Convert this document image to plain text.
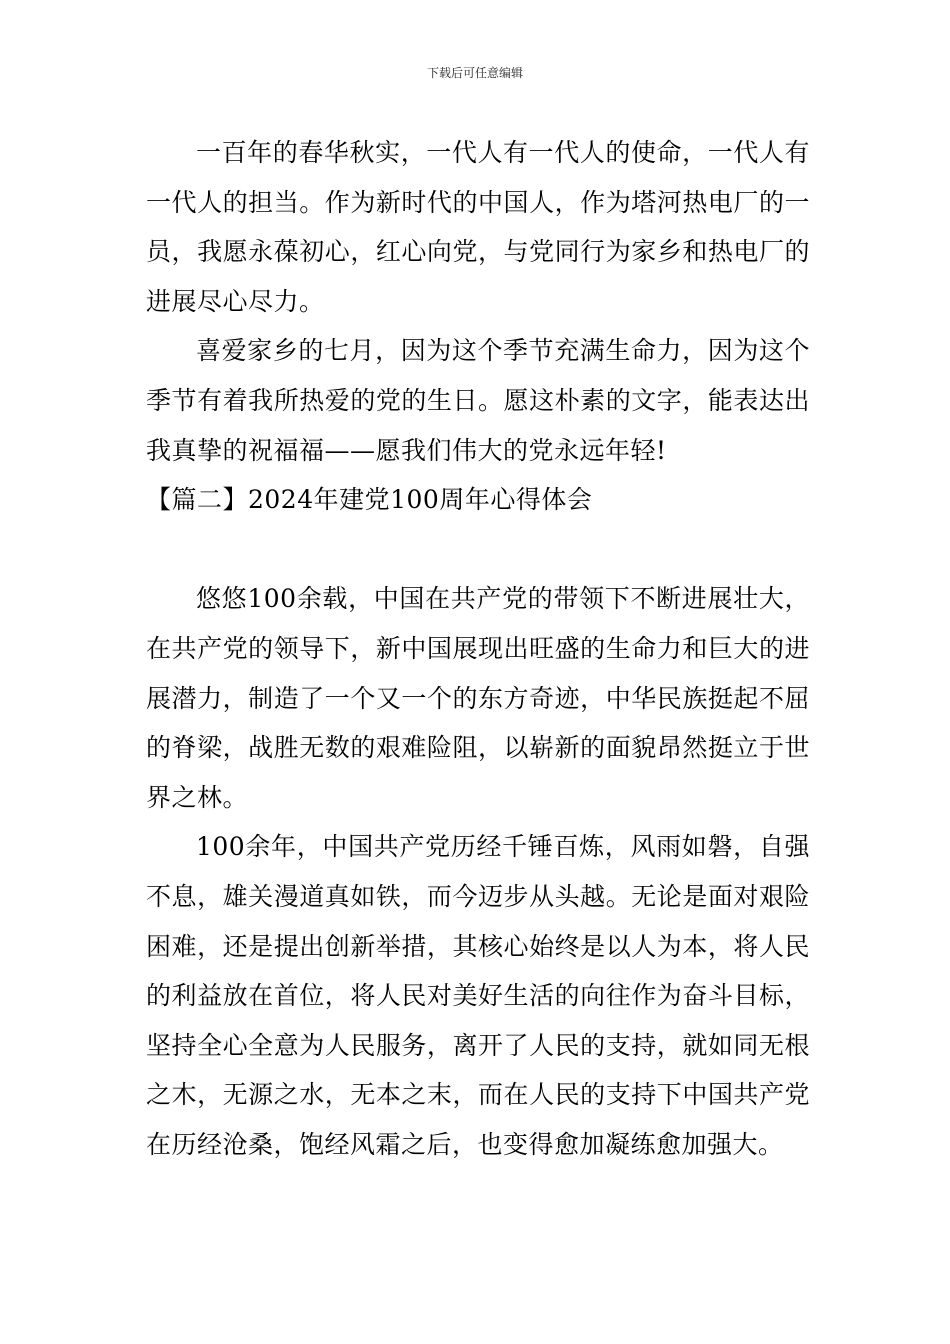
下载后可任意编辑

一百年的春华秋实，一代人有一代人的使命，一代人有一代人的担当。作为新时代的中国人，作为塔河热电厂的一员，我愿永葆初心，红心向党，与党同行为家乡和热电厂的进展尽心尽力。

喜爱家乡的七月，因为这个季节充满生命力，因为这个季节有着我所热爱的党的生日。愿这朴素的文字，能表达出我真挚的祝福福——愿我们伟大的党永远年轻!

【篇二】2024年建党100周年心得体会

悠悠100余载，中国在共产党的带领下不断进展壮大，在共产党的领导下，新中国展现出旺盛的生命力和巨大的进展潜力，制造了一个又一个的东方奇迹，中华民族挺起不屈的脊梁，战胜无数的艰难险阻，以崭新的面貌昂然挺立于世界之林。

100余年，中国共产党历经千锤百炼，风雨如磐，自强不息，雄关漫道真如铁，而今迈步从头越。无论是面对艰险困难，还是提出创新举措，其核心始终是以人为本，将人民的利益放在首位，将人民对美好生活的向往作为奋斗目标，坚持全心全意为人民服务，离开了人民的支持，就如同无根之木，无源之水，无本之末，而在人民的支持下中国共产党在历经沧桑，饱经风霜之后，也变得愈加凝练愈加强大。
